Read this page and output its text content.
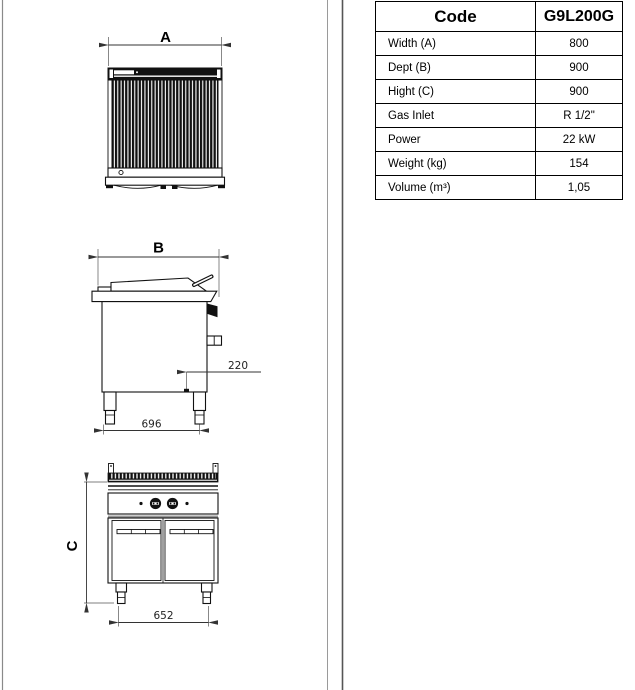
A
B
220
696
C
652
Code	G9L200G
Width (A)	800
Dept (B)	900
Hight (C)	900
Gas Inlet	R 1/2"
Power	22 kW
Weight (kg)	154
Volume (m³)	1,05
